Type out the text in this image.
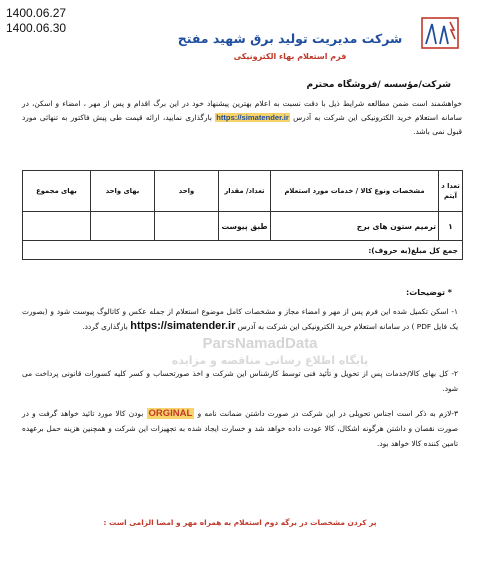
1400.06.27
1400.06.30
شرکت مدیریت تولید برق شهید مفتح
فرم استعلام بهاء الکترونیکی
شرکت/مؤسسه /فروشگاه محترم
خواهشمند است ضمن مطالعه شرایط ذیل با دقت نسبت به اعلام بهترین پیشنهاد خود در این برگ اقدام و پس از مهر ، امضاء و اسکن، در سامانه استعلام خرید الکترونیکی این شرکت به آدرس https://simatender.ir بارگذاری نمایید، ارائه قیمت طی پیش فاکتور به تنهائی مورد قبول نمی باشد.
ParsNamadData
پایگاه اطلاع رسانی مناقصه و مزایده
تعدا د آیتم	مشخصات ونوع کالا / خدمات مورد استعلام	تعداد/ مقدار	واحد	بهای واحد	بهای مجموع
۱	ترمیم ستون های برج	طبق پیوست			
جمع کل مبلغ(به حروف):					
* توضیحات:
۱- اسکن تکمیل شده این فرم پس از مهر و امضاء مجاز و مشخصات کامل موضوع استعلام از جمله عکس و کاتالوگ پیوست شود و (بصورت یک فایل PDF ) در سامانه استعلام خرید الکترونیکی این شرکت به آدرس https://simatender.ir بارگذاری گردد.
۲- کل بهای کالا/خدمات پس از تحویل و تأئید فنی توسط کارشناس این شرکت و اخذ صورتحساب و کسر کلیه کسورات قانونی پرداخت می شود.
۳-لازم به ذکر است اجناس تحویلی در این شرکت در صورت داشتن ضمانت نامه و ORGINAL بودن کالا مورد تائید خواهد گرفت و در صورت نقصان و داشتن هرگونه اشکال، کالا عودت داده خواهد شد و خسارت ایجاد شده به تجهیزات این شرکت و همچنین هزینه حمل برعهده تامین کننده کالا خواهد بود.
پر کردن مشخصات در برگه دوم استعلام به همراه مهر و امضا الزامی است :
